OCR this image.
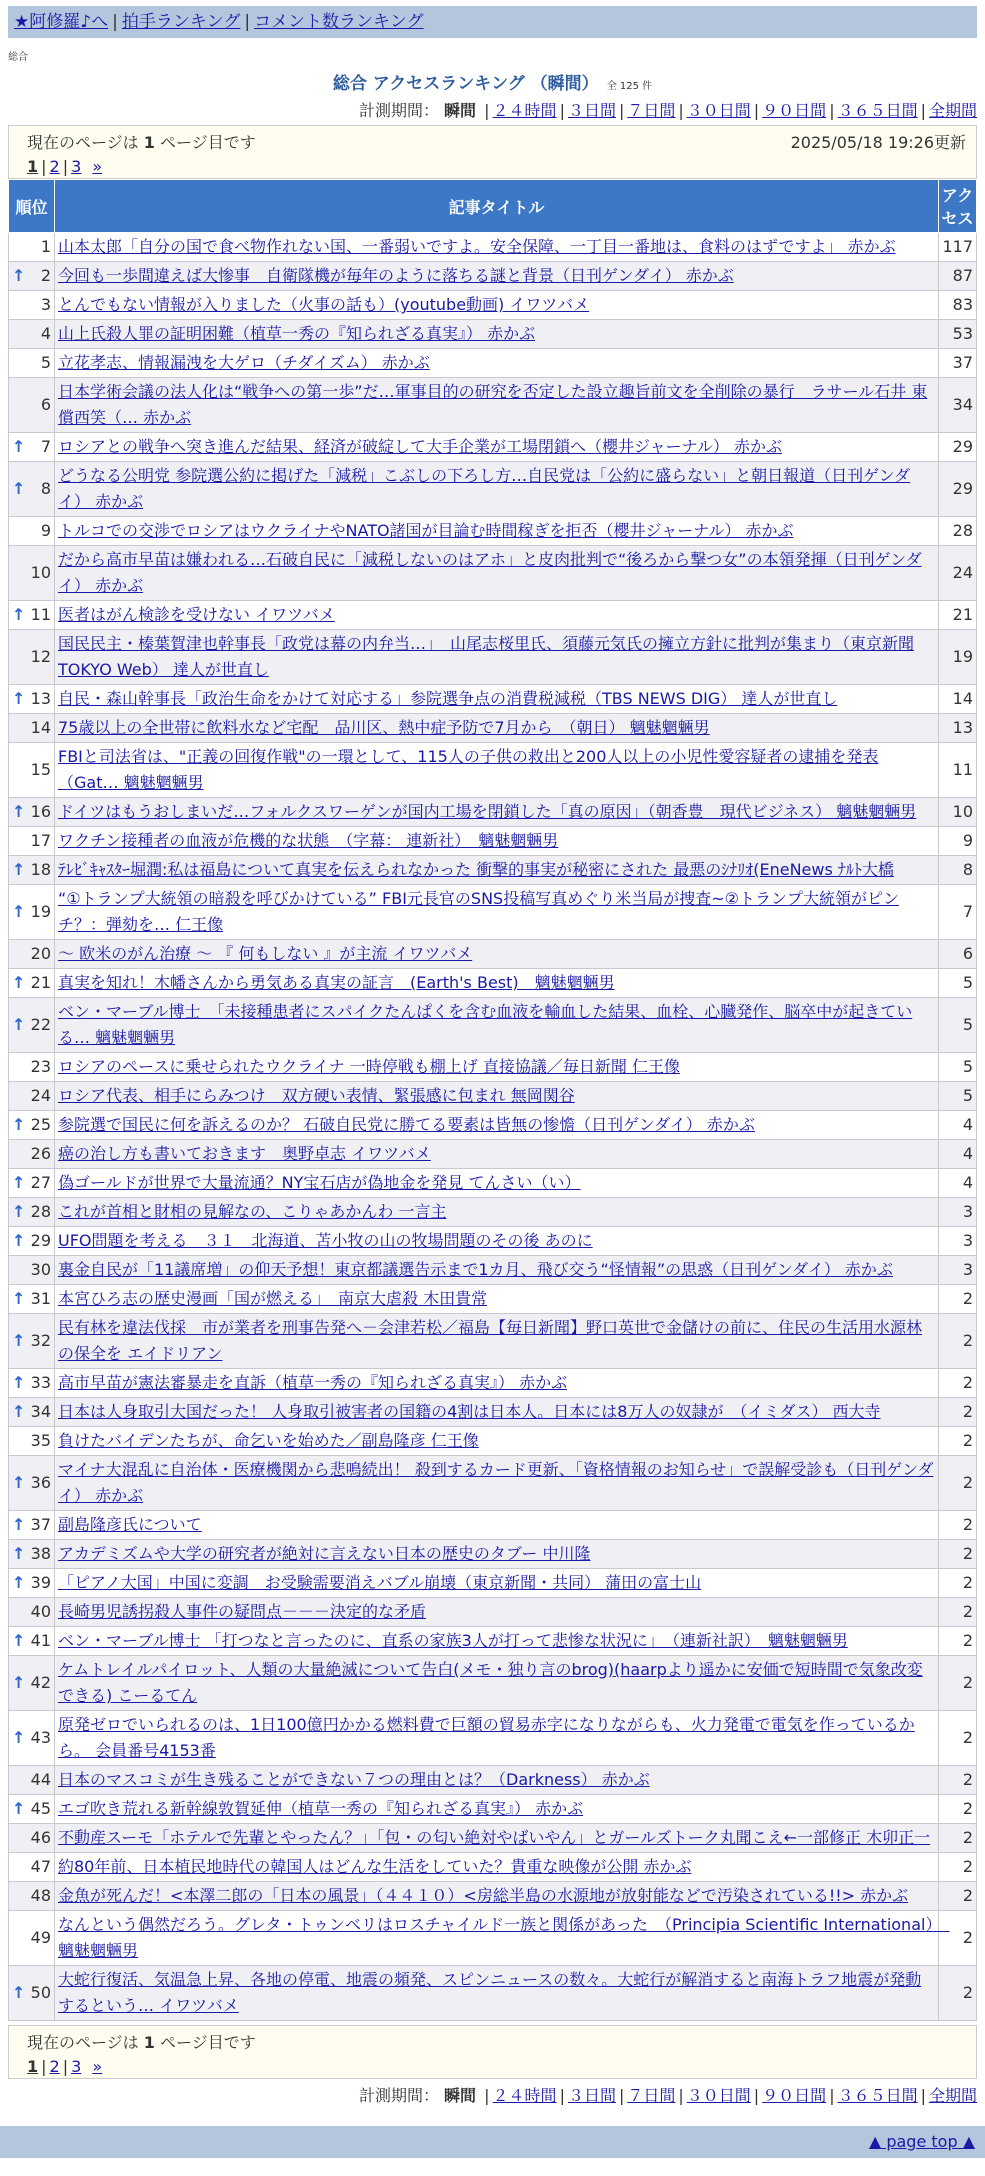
★阿修羅♪へ | 拍手ランキング | コメント数ランキング
総合
総合 アクセスランキング （瞬間） 全 125 件
計測期間： 瞬間 | ２４時間 | ３日間 | ７日間 | ３０日間 | ９０日間 | ３６５日間 | 全期間
現在のページは 1 ページ目です	2025/05/18 19:26更新
1 | 2 | 3 »
順位	記事タイトル	アクセス
1	山本太郎「自分の国で食べ物作れない国、一番弱いですよ。安全保障、一丁目一番地は、食料のはずですよ」 赤かぶ	117

↑ 2	今回も一歩間違えば大惨事　自衛隊機が毎年のように落ちる謎と背景（日刊ゲンダイ） 赤かぶ	87
3	とんでもない情報が入りました（火事の話も）(youtube動画) イワツバメ	83
4	山上氏殺人罪の証明困難（植草一秀の『知られざる真実』） 赤かぶ	53
5	立花孝志、情報漏洩を大ゲロ（チダイズム） 赤かぶ	37
6	日本学術会議の法人化は“戦争への第一歩”だ…軍事目的の研究を否定した設立趣旨前文を全削除の暴行　ラサール石井 東償西笑（… 赤かぶ	34

↑ 7	ロシアとの戦争へ突き進んだ結果、経済が破綻して大手企業が工場閉鎖へ（櫻井ジャーナル） 赤かぶ	29

↑ 8	どうなる公明党 参院選公約に掲げた「減税」こぶしの下ろし方…自民党は「公約に盛らない」と朝日報道（日刊ゲンダイ） 赤かぶ	29
9	トルコでの交渉でロシアはウクライナやNATO諸国が目論む時間稼ぎを拒否（櫻井ジャーナル） 赤かぶ	28
10	だから高市早苗は嫌われる…石破自民に「減税しないのはアホ」と皮肉批判で“後ろから撃つ女”の本領発揮（日刊ゲンダイ） 赤かぶ	24

↑ 11	医者はがん検診を受けない イワツバメ	21
12	国民民主・榛葉賀津也幹事長「政党は幕の内弁当…」　山尾志桜里氏、須藤元気氏の擁立方針に批判が集まり（東京新聞 TOKYO Web） 達人が世直し	19

↑ 13	自民・森山幹事長「政治生命をかけて対応する」参院選争点の消費税減税（TBS NEWS DIG） 達人が世直し	14
14	75歳以上の全世帯に飲料水など宅配　品川区、熱中症予防で7月から　（朝日） 魑魅魍魎男	13
15	FBIと司法省は、"正義の回復作戦"の一環として、115人の子供の救出と200人以上の小児性愛容疑者の逮捕を発表（Gat… 魑魅魍魎男	11

↑ 16	ドイツはもうおしまいだ…フォルクスワーゲンが国内工場を閉鎖した「真の原因」（朝香豊　現代ビジネス） 魑魅魍魎男	10
17	ワクチン接種者の血液が危機的な状態　（字幕： 連新社）　魑魅魍魎男	9

↑ 18	ﾃﾚﾋﾞｷｬｽﾀｰ堀潤:私は福島について真実を伝えられなかった 衝撃的事実が秘密にされた 最悪のｼﾅﾘｵ(EneNews ﾅﾙﾄ大橋	8

↑ 19	“①トランプ大統領の暗殺を呼びかけている” FBI元長官のSNS投稿写真めぐり米当局が捜査~②トランプ大統領がピンチ？：弾劾を… 仁王像	7
20	～ 欧米のがん治療 ～ 『 何もしない 』が主流 イワツバメ	6

↑ 21	真実を知れ！木幡さんから勇気ある真実の証言　(Earth's Best)　魑魅魍魎男	5

↑ 22	ベン・マーブル博士　「未接種患者にスパイクたんぱくを含む血液を輸血した結果、血栓、心臓発作、脳卒中が起きている… 魑魅魍魎男	5
23	ロシアのペースに乗せられたウクライナ 一時停戦も棚上げ 直接協議／毎日新聞 仁王像	5
24	ロシア代表、相手にらみつけ　双方硬い表情、緊張感に包まれ 無岡関谷	5

↑ 25	参院選で国民に何を訴えるのか？ 石破自民党に勝てる要素は皆無の惨憺（日刊ゲンダイ） 赤かぶ	4
26	癌の治し方も書いておきます　奥野卓志 イワツバメ	4

↑ 27	偽ゴールドが世界で大量流通？NY宝石店が偽地金を発見 てんさい（い）	4

↑ 28	これが首相と財相の見解なの、こりゃあかんわ 一言主	3

↑ 29	UFO問題を考える　３１　北海道、苫小牧の山の牧場問題のその後 あのに	3
30	裏金自民が「11議席増」の仰天予想！東京都議選告示まで1カ月、飛び交う“怪情報”の思惑（日刊ゲンダイ） 赤かぶ	3

↑ 31	本宮ひろ志の歴史漫画「国が燃える」　南京大虐殺 木田貴常	2

↑ 32	民有林を違法伐採　市が業者を刑事告発へ－会津若松／福島【毎日新聞】野口英世で金儲けの前に、住民の生活用水源林の保全を エイドリアン	2

↑ 33	高市早苗が憲法審暴走を直訴（植草一秀の『知られざる真実』） 赤かぶ	2

↑ 34	日本は人身取引大国だった！ 人身取引被害者の国籍の4割は日本人。日本には8万人の奴隷が　（イミダス） 西大寺	2
35	負けたバイデンたちが、命乞いを始めた／副島隆彦 仁王像	2

↑ 36	マイナ大混乱に自治体・医療機関から悲鳴続出！ 殺到するカード更新、「資格情報のお知らせ」で誤解受診も（日刊ゲンダイ） 赤かぶ	2

↑ 37	副島隆彦氏について	2

↑ 38	アカデミズムや大学の研究者が絶対に言えない日本の歴史のタブー 中川隆	2

↑ 39	「ピアノ大国」中国に変調　お受験需要消えバブル崩壊（東京新聞・共同） 蒲田の富士山	2
40	長崎男児誘拐殺人事件の疑問点－－－決定的な矛盾	2

↑ 41	ベン・マーブル博士 「打つなと言ったのに、直系の家族3人が打って悲惨な状況に」　（連新社訳）　魑魅魍魎男	2

↑ 42	ケムトレイルパイロット、人類の大量絶滅について告白(メモ・独り言のbrog)(haarpより遥かに安価で短時間で気象改変できる) こーるてん	2

↑ 43	原発ゼロでいられるのは、1日100億円かかる燃料費で巨額の貿易赤字になりながらも、火力発電で電気を作っているから。 会員番号4153番	2
44	日本のマスコミが生き残ることができない７つの理由とは？（Darkness） 赤かぶ	2

↑ 45	エゴ吹き荒れる新幹線敦賀延伸（植草一秀の『知られざる真実』） 赤かぶ	2
46	不動産スーモ「ホテルで先輩とやったん？」「包・の匂い絶対やばいやん」とガールズトーク丸聞こえ←一部修正 木卯正一	2
47	約80年前、日本植民地時代の韓国人はどんな生活をしていた？貴重な映像が公開 赤かぶ	2
48	金魚が死んだ！<本澤二郎の「日本の風景」（４４１０）<房総半島の水源地が放射能などで汚染されている!!> 赤かぶ	2
49	なんという偶然だろう。グレタ・トゥンベリはロスチャイルド一族と関係があった　（Principia Scientific International）　魑魅魍魎男	2

↑ 50	大蛇行復活、気温急上昇、各地の停電、地震の頻発、スピンニュースの数々。大蛇行が解消すると南海トラフ地震が発動するという… イワツバメ	2
現在のページは 1 ページ目です
1 | 2 | 3 »
計測期間： 瞬間 | ２４時間 | ３日間 | ７日間 | ３０日間 | ９０日間 | ３６５日間 | 全期間
▲ page top ▲
